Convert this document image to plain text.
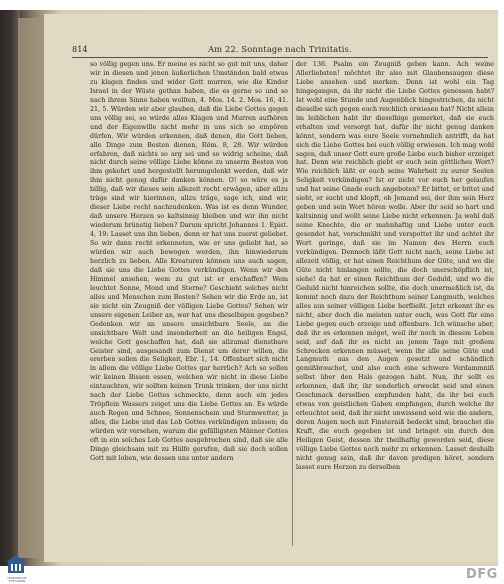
814	Am 22. Sonntage nach Trinitatis.
so völlig gegen uns. Er meine es nicht so gut mit uns, daher wir in diesen und jenen äußerlichen Umständen bald etwas zu klagen finden und wider Gott murren, wie die Kinder Israel in der Wüste gethan haben, die es gerne so und so nach ihrem Sinne haben wollten, 4. Mos. 14. 2. Mos. 16, 41. 21, 5. Würden wir aber glauben, daß die Liebe Gottes gegen uns völlig sei, so würde alles Klagen und Murren aufhören und der Eigenwille nicht mehr in uns sich so empören dürfen. Wir würden erkennen, daß denen, die Gott lieben, alle Dinge zum Besten dienen, Röm. 8, 28. Wir würden erfahren, daß nichts so arg sei und so widrig scheine, daß nicht durch seine völlige Liebe könne zu unserm Besten von ihm gekehrt und hergestellt herumgelenkt werden, daß wir ihm nicht genug dafür danken können. O! so wäre es ja billig, daß wir dieses sein allezeit recht erwägen, aber allzu träge sind wir hierinnen, allzu träge, sage ich, sind wir, dieser Liebe recht nachzudenken. Was ist es denn Wunder, daß unsere Herzen so kaltsinnig bleiben und wir ihn nicht wiederum brünstig lieben? Darum spricht Johannes 1. Epist. 4, 19: Lasset uns ihn lieben, denn er hat uns zuerst geliebet. So wir dann recht erkenneten, wie er uns geliebt hat, so würden wir auch bewogen werden, ihn hinwiederum herzlich zu lieben. Alle Kreaturen können uns auch sagen, daß sie uns die Liebe Gottes verkündigen. Wenn wir den Himmel ansehen, wem zu gut ist er erschaffen? Wem leuchtet Sonne, Mond und Sterne? Geschieht solches nicht alles und Menschen zum Besten? Sehen wir die Erde an, ist sie nicht ein Zeugniß der völligen Liebe Gottes? Sehen wir unsere eigenen Leiber an, wer hat uns dieselbigen gegeben? Gedenken wir an unsere unsichtbare Seele, an die unsichtbare Welt und insonderheit an die heiligen Engel, welche Gott geschaffen hat, daß sie allzumal dienstbare Geister sind, ausgesandt zum Dienst um derer willen, die ererben sollen die Seligkeit, Ebr. 1, 14. Offenbart sich nicht in allem die völlige Liebe Gottes gar herrlich? Ach so sollen wir keinen Bissen essen, welchen wir nicht in diese Liebe eintauchten, wir sollten keinen Trunk trinken, der uns nicht nach der Liebe Gottes schmeckte, denn auch ein jedes Tröpflein Wassers zeiget uns die Liebe Gottes an. Es würde auch Regen und Schnee, Sonnenschein und Sturmwetter, ja alles, die Liebe und das Lob Gottes verkündigen müssen; da würden wir versehen, warum die gefälligsten Männer Gottes oft in ein solches Lob Gottes ausgebrochen sind, daß sie alle Dinge gleichsam mit zu Hülfe gerufen, daß sie doch sollen Gott mit loben, wie dessen uns unter andern
der 136. Psalm ein Zeugniß geben kann. Ach weine Allerliebsten! möchtet ihr also mit Glaubensaugen diese Liebe ansehen und merken. Denn ist wohl ein Tag hingegangen, da ihr nicht die Liebe Gottes genossen habt? Ist wohl eine Stunde und Augenblick hingestrichen, da nicht dieselbe sich gegen euch reichlich erwiesen hat? Nicht allein im leiblichen habt ihr dieselbige gemerket, daß sie euch erhalten und versorgt hat, dafür ihr nicht genug danken könnt, sondern was eure Seele vornehmlich antrifft, da hat sich die Liebe Gottes bei euch völlig erwiesen. Ich mag wohl sagen, daß unser Gott eure große Liebe euch bisher erzeiget hat. Denn wie reichlich giebt er euch sein göttliches Wort? Wie reichlich läßt er euch seine Wahrheit zu eurer Seelen Seligkeit verkündigen? Ist er nicht vor euch her gelaufen und hat seine Gnade euch angeboten? Er bittet, er bittet und sieht, er sucht und klopft, ob Jemand sei, der ihm sein Herz geben und sein Wort hören wolle. Aber ihr seid so hart und kaltsinnig und wollt seine Liebe nicht erkennen. Ja wohl daß seine Knechte, die er mahnhaftig und Liebe unter euch gesendet hat, verschmäht und verspottet ihr und achtet ihr Wort geringe, daß sie im Namen des Herrn euch verkündigen. Dennoch läßt Gott nicht nach, seine Liebe ist allezeit völlig, er hat einen Reichthum der Güte, und wo die Güte nicht hinlangen sollte, die doch unerschöpflich ist, siehe! da hat er einen Reichthum der Geduld, und wo die Geduld nicht hinreichen sollte, die doch unermeßlich ist, da kommt noch dazu der Reichthum seiner Langmuth, welches alles aus seiner völligen Liebe herfließt. Jetzt erkennt ihr es nicht, aber doch die meisten unter euch, was Gott für eine Liebe gegen euch erzeige und offenbare. Ich wünsche aber, daß ihr es erkennen möget, weil ihr noch in diesem Leben seid, auf daß ihr es nicht an jenem Tage mit großem Schrecken erkennen müsset, wenn ihr alle seine Güte und Langmuth aus den Augen gesetzt und schändlich gemißbrauchet, und also euch eine schwere Verdammniß selbst über den Hals gezogen habt. Nun, ihr sollt es erkennen, daß ihr, ihr sonderlich erweckt seid und einen Geschmack derselben empfunden habt, da ihr bei euch etwas von geistlichen Gaben empfangen, durch welche ihr erleuchtet seid, daß ihr nicht unwissend seid wie die andern, deren Augen noch mit Finsterniß bedeckt sind, brauchet die Kraft, die euch gegeben ist und bringet ein durch den Heiligen Geist, dessen ihr theilhaftig geworden seid, diese völlige Liebe Gottes noch mehr zu erkennen. Lasset deshalb nicht genug sein, daß ihr davon predigen höret, sondern lasset eure Herzen zu derselben
FRANCKESCHE STIFTUNGEN	DFG
